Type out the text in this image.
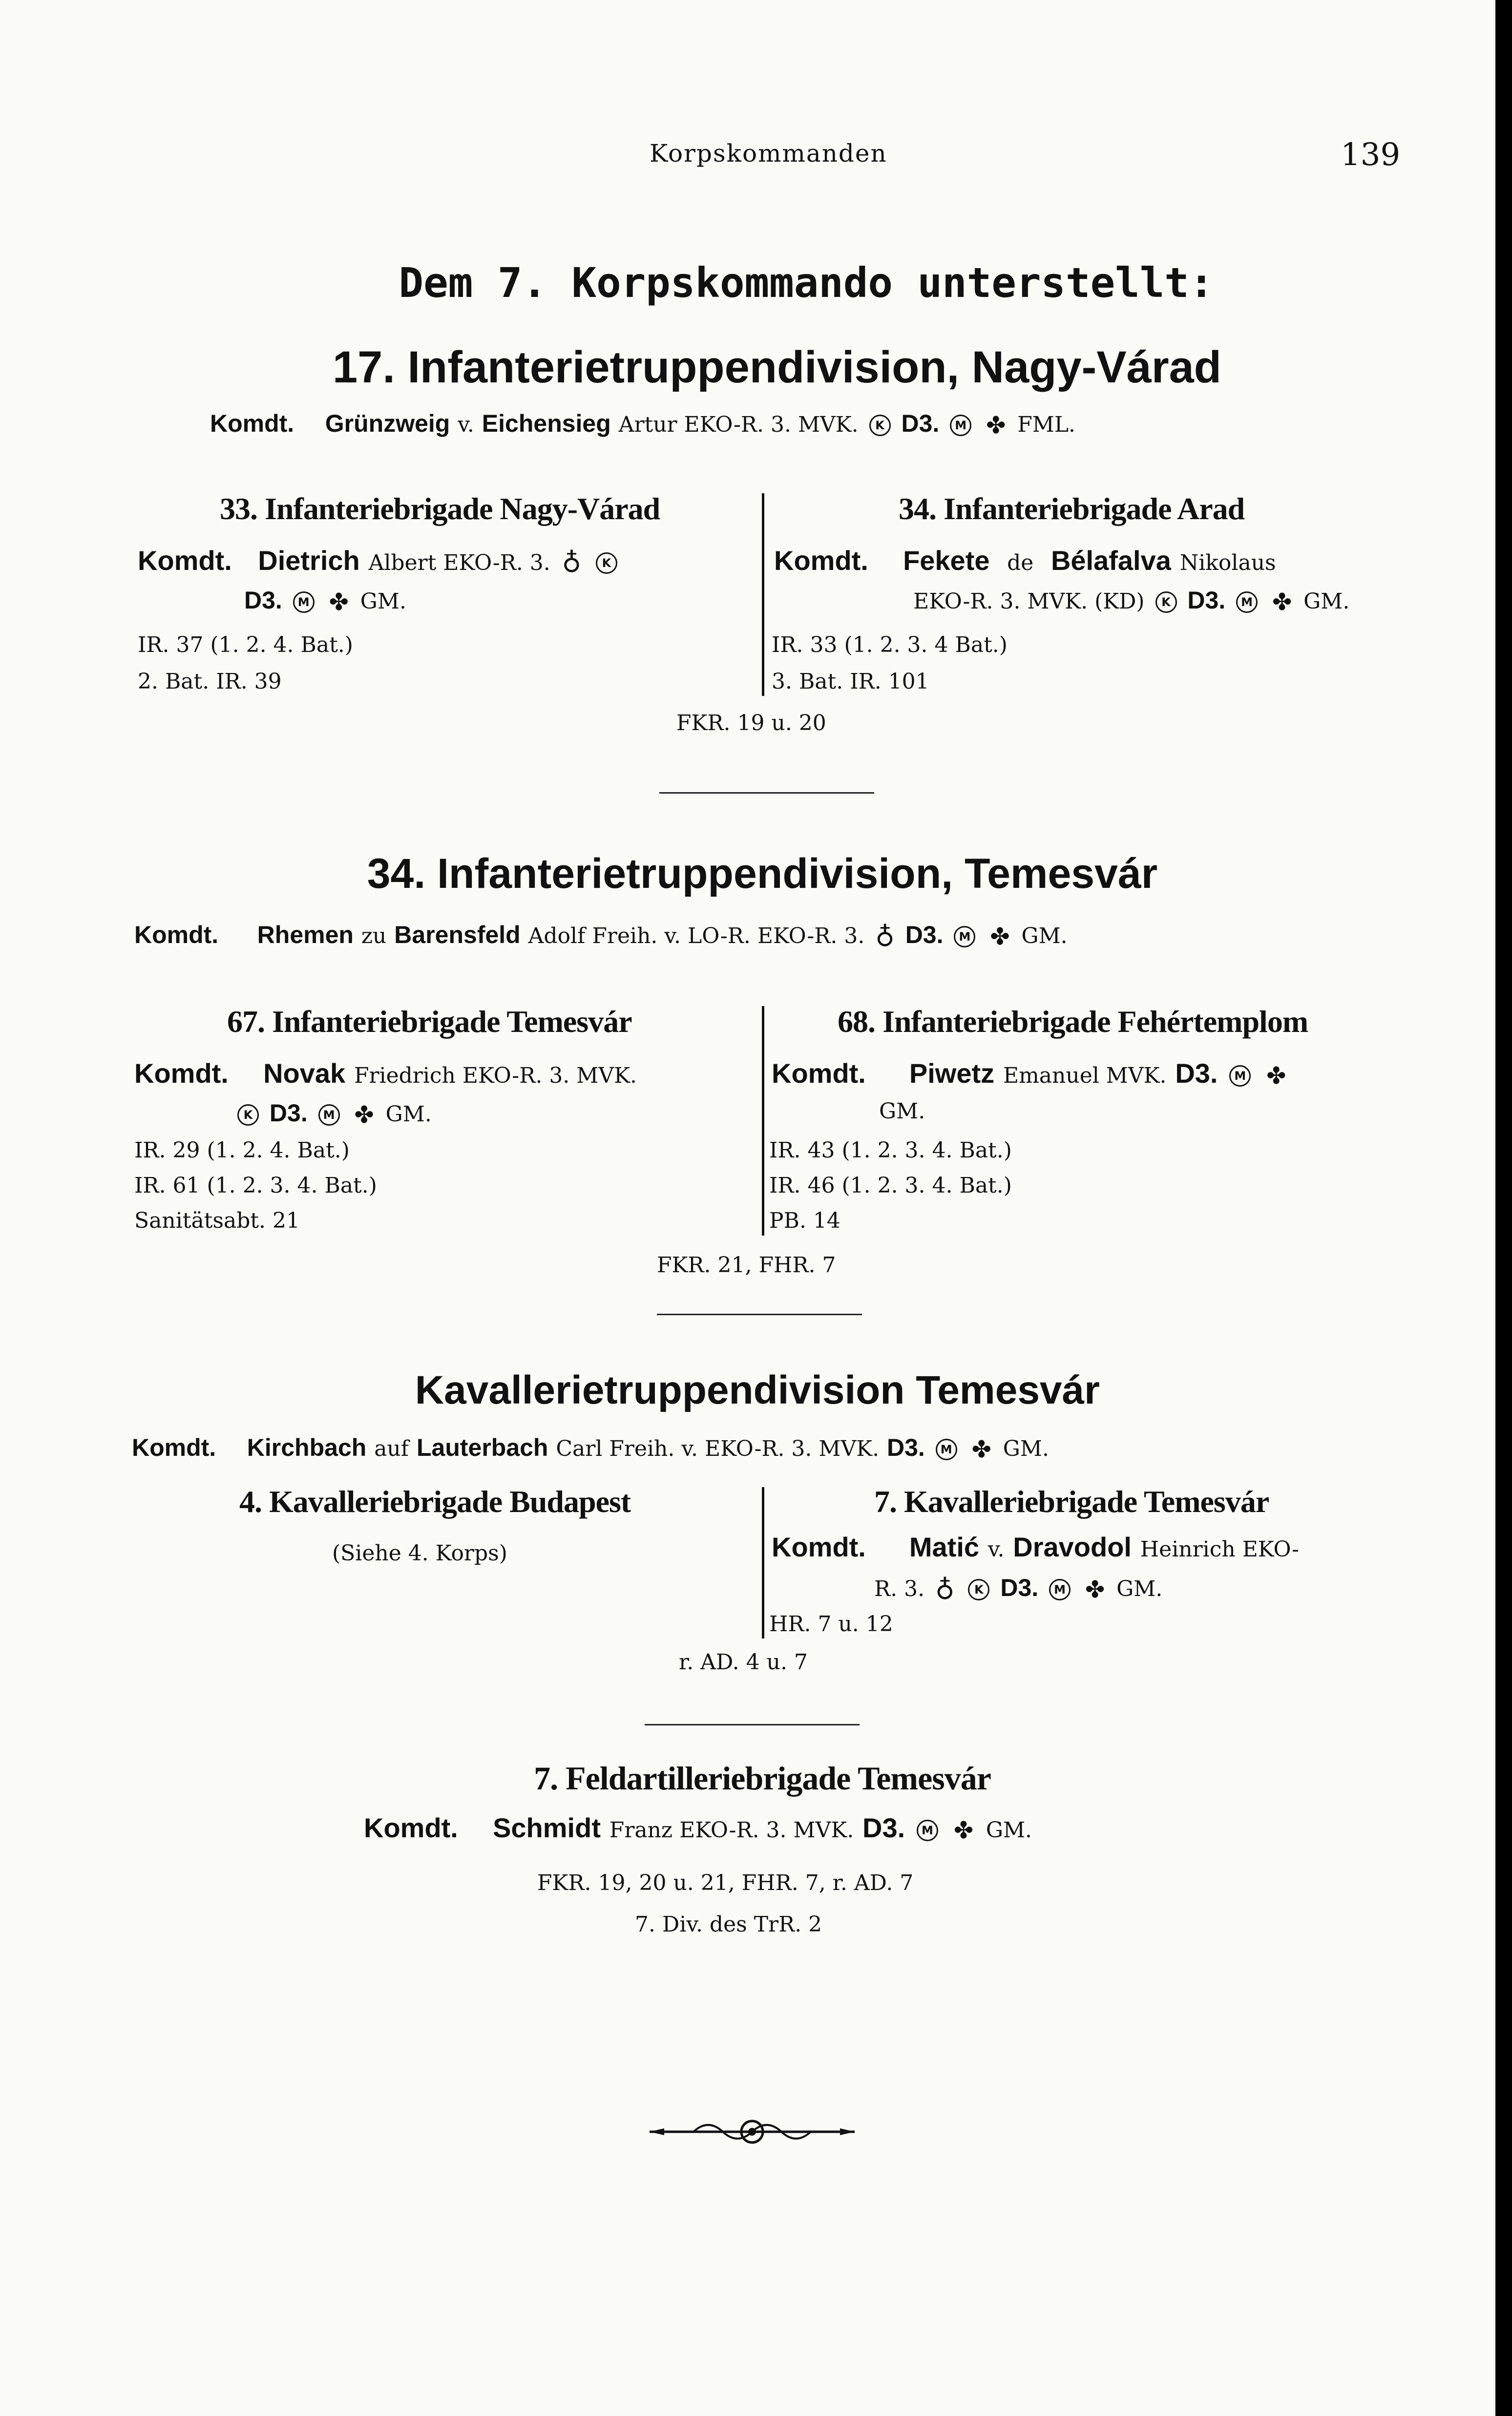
Korpskommanden	139
Dem 7. Korpskommando unterstellt:
17. Infanterietruppendivision, Nagy-Várad
Komdt. Grünzweig v. Eichensieg Artur EKO-R. 3. MVK. K D3. M ✤ FML.
33. Infanteriebrigade Nagy-Várad
Komdt. Dietrich Albert EKO-R. 3. ♁ K
D3. M ✤ GM.
IR. 37 (1. 2. 4. Bat.)
2. Bat. IR. 39
34. Infanteriebrigade Arad
Komdt. Fekete de Bélafalva Nikolaus
EKO-R. 3. MVK. (KD) K D3. M ✤ GM.
IR. 33 (1. 2. 3. 4 Bat.)
3. Bat. IR. 101
FKR. 19 u. 20
34. Infanterietruppendivision, Temesvár
Komdt. Rhemen zu Barensfeld Adolf Freih. v. LO-R. EKO-R. 3. ♁ D3. M ✤ GM.
67. Infanteriebrigade Temesvár
Komdt. Novak Friedrich EKO-R. 3. MVK.
K D3. M ✤ GM.
IR. 29 (1. 2. 4. Bat.)
IR. 61 (1. 2. 3. 4. Bat.)
Sanitätsabt. 21
68. Infanteriebrigade Fehértemplom
Komdt. Piwetz Emanuel MVK. D3. M ✤
GM.
IR. 43 (1. 2. 3. 4. Bat.)
IR. 46 (1. 2. 3. 4. Bat.)
PB. 14
FKR. 21, FHR. 7
Kavallerietruppendivision Temesvár
Komdt. Kirchbach auf Lauterbach Carl Freih. v. EKO-R. 3. MVK. D3. M ✤ GM.
4. Kavalleriebrigade Budapest
(Siehe 4. Korps)
7. Kavalleriebrigade Temesvár
Komdt. Matić v. Dravodol Heinrich EKO-
R. 3. ♁ K D3. M ✤ GM.
HR. 7 u. 12
r. AD. 4 u. 7
7. Feldartilleriebrigade Temesvár
Komdt. Schmidt Franz EKO-R. 3. MVK. D3. M ✤ GM.
FKR. 19, 20 u. 21, FHR. 7, r. AD. 7
7. Div. des TrR. 2
